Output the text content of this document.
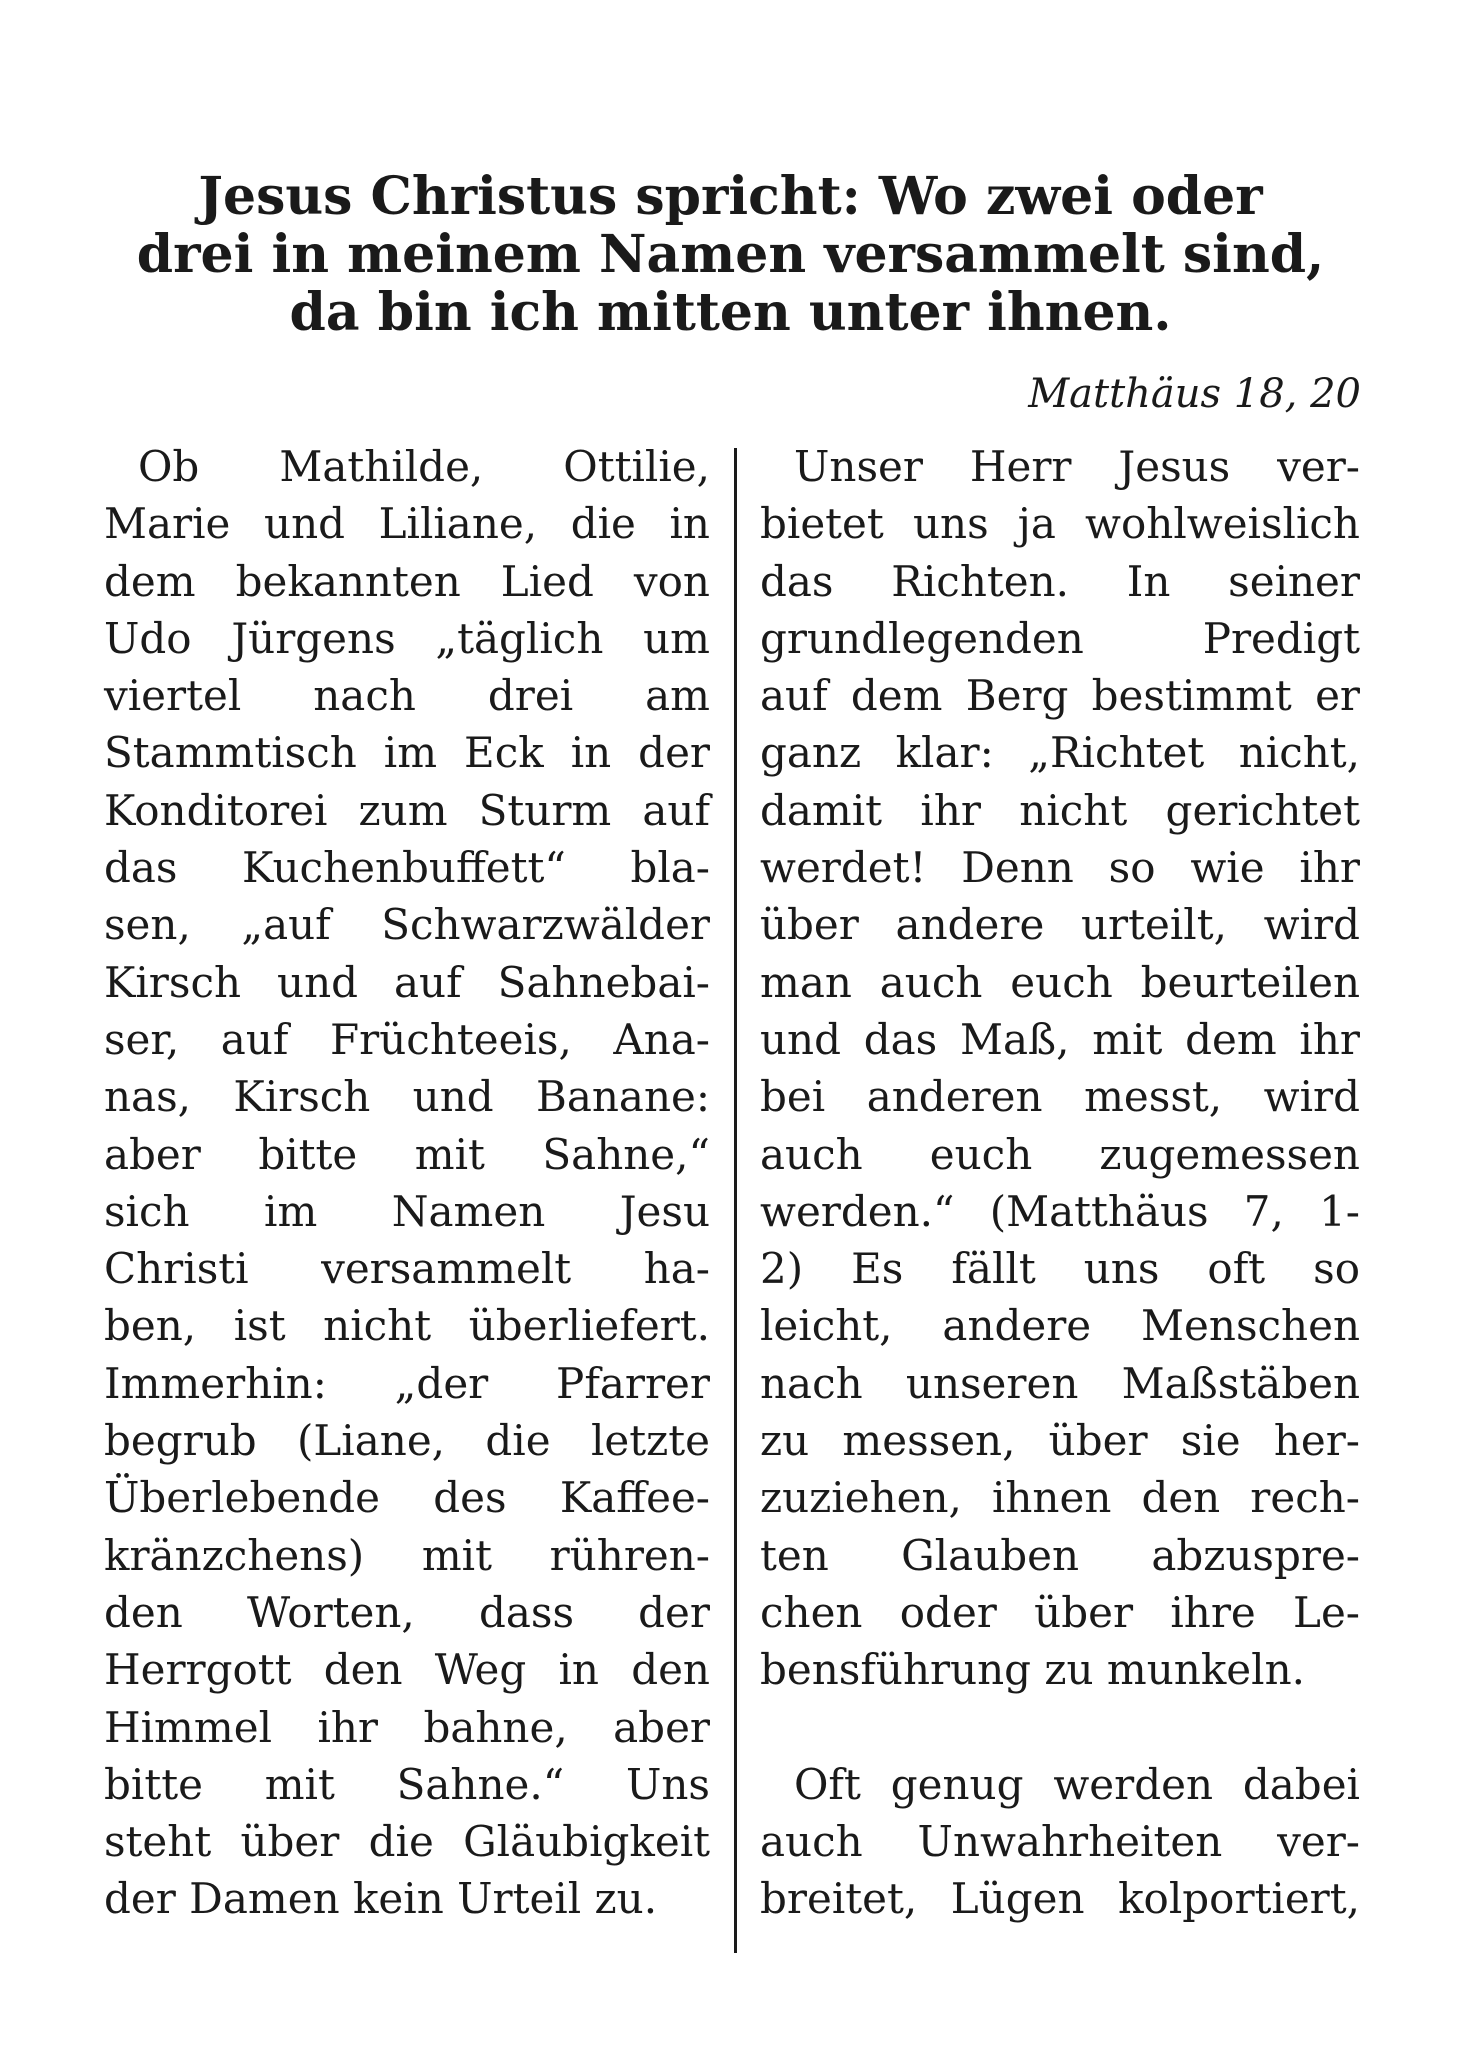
Jesus Christus spricht: Wo zwei oder
drei in meinem Namen versammelt sind,
da bin ich mitten unter ihnen.
Matthäus 18, 20
Ob Mathilde, Ottilie,
Marie und Liliane, die in
dem bekannten Lied von
Udo Jürgens „täglich um
viertel nach drei am
Stammtisch im Eck in der
Konditorei zum Sturm auf
das Kuchenbuffett“ bla-
sen, „auf Schwarzwälder
Kirsch und auf Sahnebai-
ser, auf Früchteeis, Ana-
nas, Kirsch und Banane:
aber bitte mit Sahne,“
sich im Namen Jesu
Christi versammelt ha-
ben, ist nicht überliefert.
Immerhin: „der Pfarrer
begrub (Liane, die letzte
Überlebende des Kaffee-
kränzchens) mit rühren-
den Worten, dass der
Herrgott den Weg in den
Himmel ihr bahne, aber
bitte mit Sahne.“ Uns
steht über die Gläubigkeit
der Damen kein Urteil zu.
Unser Herr Jesus ver-
bietet uns ja wohlweislich
das Richten. In seiner
grundlegenden Predigt
auf dem Berg bestimmt er
ganz klar: „Richtet nicht,
damit ihr nicht gerichtet
werdet! Denn so wie ihr
über andere urteilt, wird
man auch euch beurteilen
und das Maß, mit dem ihr
bei anderen messt, wird
auch euch zugemessen
werden.“ (Matthäus 7, 1-
2) Es fällt uns oft so
leicht, andere Menschen
nach unseren Maßstäben
zu messen, über sie her-
zuziehen, ihnen den rech-
ten Glauben abzuspre-
chen oder über ihre Le-
bensführung zu munkeln.
Oft genug werden dabei
auch Unwahrheiten ver-
breitet, Lügen kolportiert,
